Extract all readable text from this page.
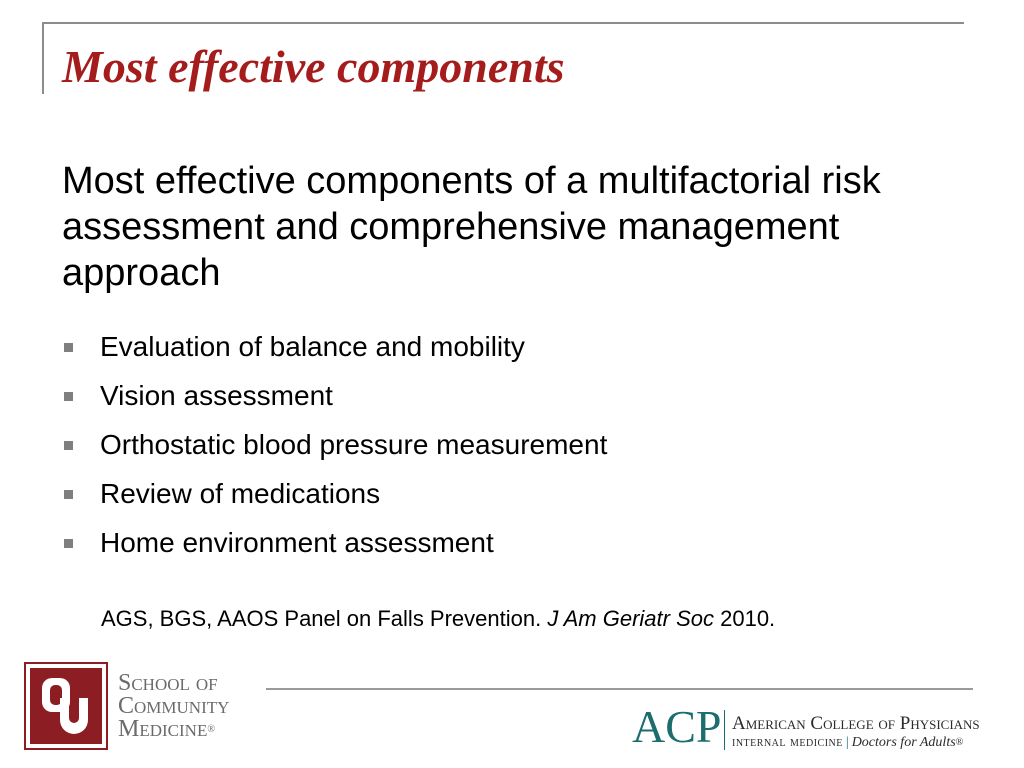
Most effective components

Most effective components of a multifactorial risk assessment and comprehensive management approach

Evaluation of balance and mobility
Vision assessment
Orthostatic blood pressure measurement
Review of medications
Home environment assessment

AGS, BGS, AAOS Panel on Falls Prevention. J Am Geriatr Soc 2010.

School of
Community
Medicine®	ACP American College of Physicians
internal medicine | Doctors for Adults®
